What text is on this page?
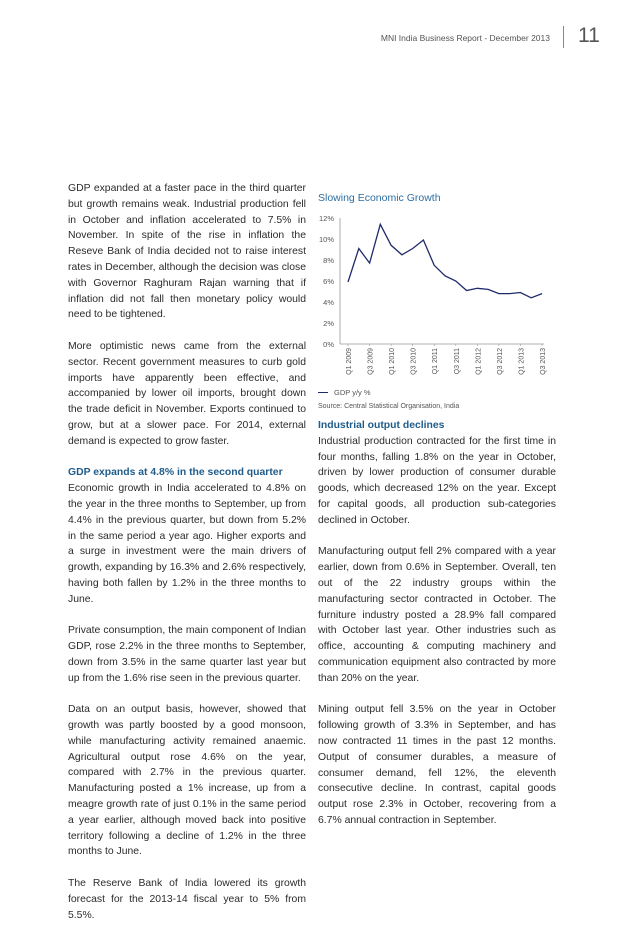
MNI India Business Report - December 2013 11

GDP expanded at a faster pace in the third quarter but growth remains weak. Industrial production fell in October and inflation accelerated to 7.5% in November. In spite of the rise in inflation the Reseve Bank of India decided not to raise interest rates in December, although the decision was close with Governor Raghuram Rajan warning that if inflation did not fall then monetary policy would need to be tightened.

More optimistic news came from the external sector. Recent government measures to curb gold imports have apparently been effective, and accompanied by lower oil imports, brought down the trade deficit in November. Exports continued to grow, but at a slower pace. For 2014, external demand is expected to grow faster.

GDP expands at 4.8% in the second quarter

Economic growth in India accelerated to 4.8% on the year in the three months to September, up from 4.4% in the previous quarter, but down from 5.2% in the same period a year ago. Higher exports and a surge in investment were the main drivers of growth, expanding by 16.3% and 2.6% respectively, having both fallen by 1.2% in the three months to June.

Private consumption, the main component of Indian GDP, rose 2.2% in the three months to September, down from 3.5% in the same quarter last year but up from the 1.6% rise seen in the previous quarter.

Data on an output basis, however, showed that growth was partly boosted by a good monsoon, while manufacturing activity remained anaemic. Agricultural output rose 4.6% on the year, compared with 2.7% in the previous quarter. Manufacturing posted a 1% increase, up from a meagre growth rate of just 0.1% in the same period a year earlier, although moved back into positive territory following a decline of 1.2% in the three months to June.

The Reserve Bank of India lowered its growth forecast for the 2013-14 fiscal year to 5% from 5.5%.

Slowing Economic Growth
0%
2%
4%
6%
8%
10%
12%
Q1 2009 Q3 2009 Q1 2010 Q3 2010 Q1 2011 Q3 2011 Q1 2012 Q3 2012 Q1 2013 Q3 2013
GDP y/y %
Source: Central Statistical Organisation, India
Industrial output declines

Industrial production contracted for the first time in four months, falling 1.8% on the year in October, driven by lower production of consumer durable goods, which decreased 12% on the year. Except for capital goods, all production sub-categories declined in October.

Manufacturing output fell 2% compared with a year earlier, down from 0.6% in September. Overall, ten out of the 22 industry groups within the manufacturing sector contracted in October. The furniture industry posted a 28.9% fall compared with October last year. Other industries such as office, accounting & computing machinery and communication equipment also contracted by more than 20% on the year.

Mining output fell 3.5% on the year in October following growth of 3.3% in September, and has now contracted 11 times in the past 12 months. Output of consumer durables, a measure of consumer demand, fell 12%, the eleventh consecutive decline. In contrast, capital goods output rose 2.3% in October, recovering from a 6.7% annual contraction in September.
